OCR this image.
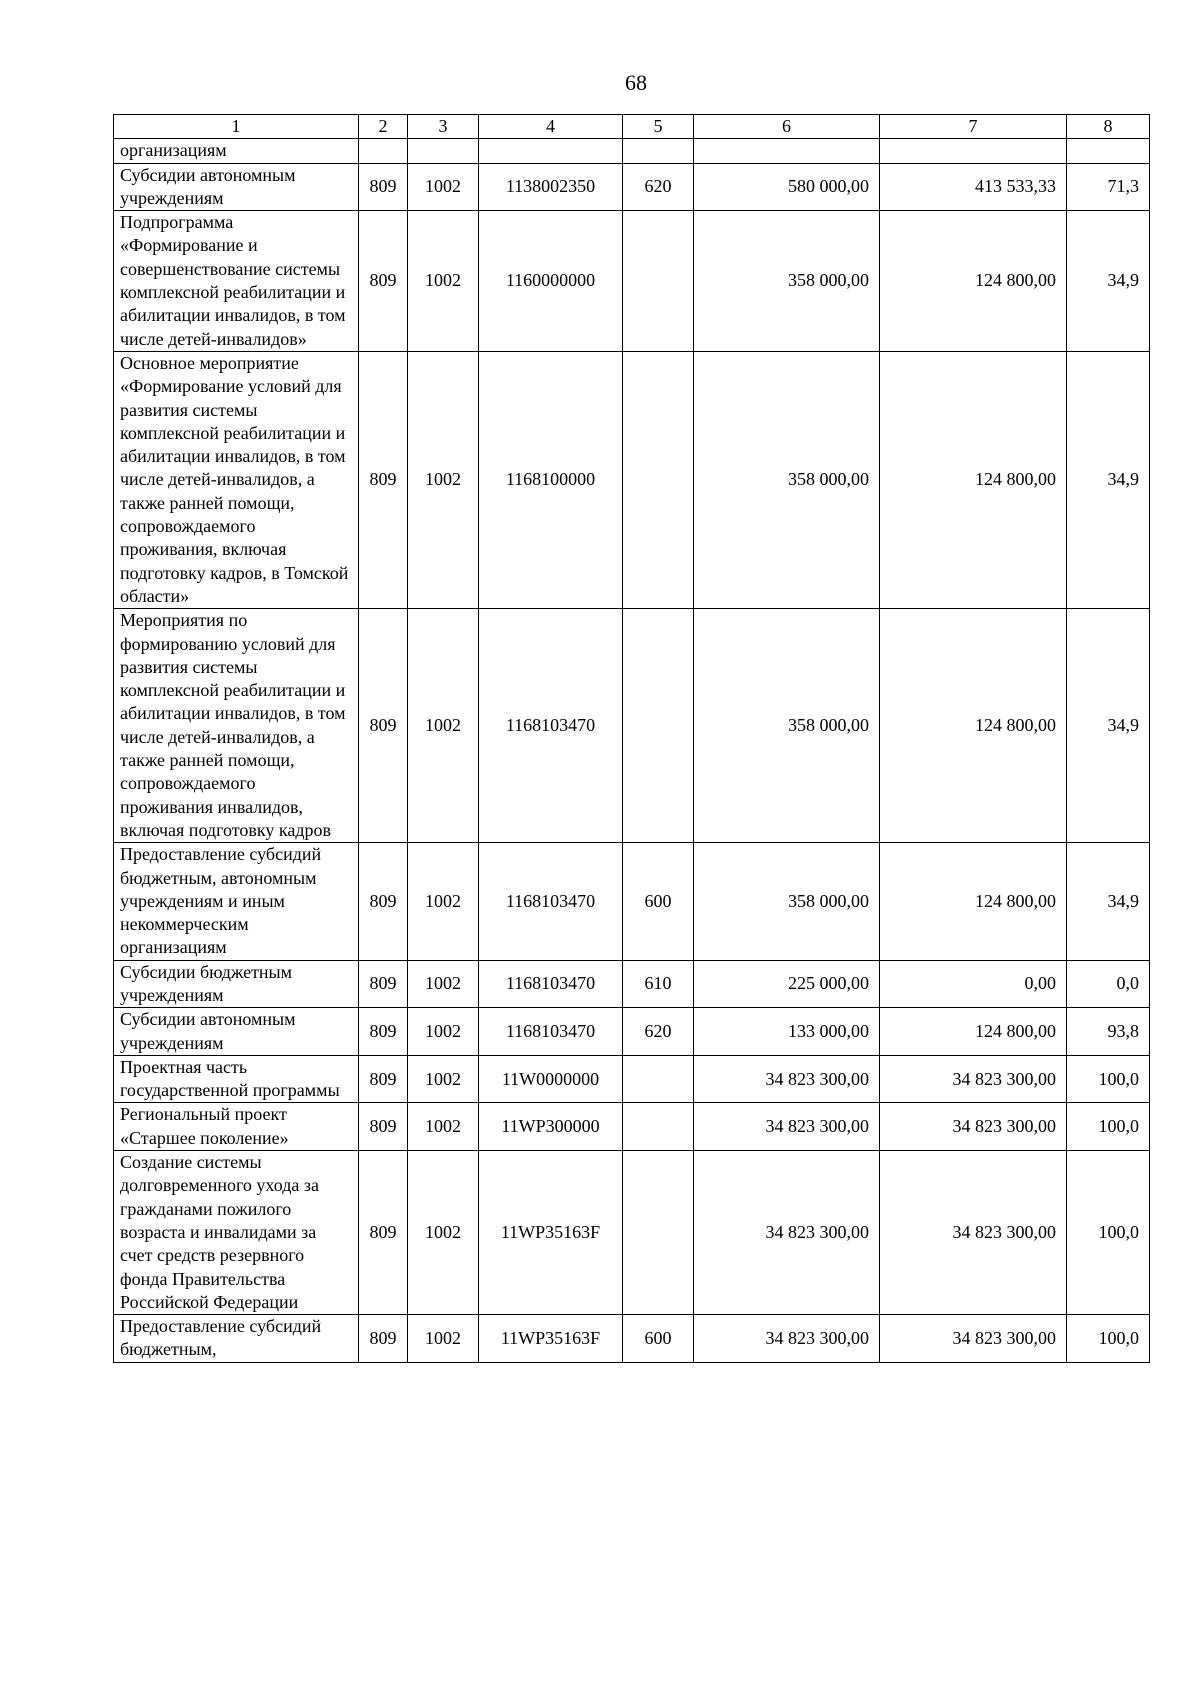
68
1	2	3	4	5	6	7	8
организациям							
Субсидии автономным учреждениям	809	1002	1138002350	620	580 000,00	413 533,33	71,3
Подпрограмма «Формирование и совершенствование системы комплексной реабилитации и абилитации инвалидов, в том числе детей-инвалидов»	809	1002	1160000000		358 000,00	124 800,00	34,9
Основное мероприятие «Формирование условий для развития системы комплексной реабилитации и абилитации инвалидов, в том числе детей-инвалидов, а также ранней помощи, сопровождаемого проживания, включая подготовку кадров, в Томской области»	809	1002	1168100000		358 000,00	124 800,00	34,9
Мероприятия по формированию условий для развития системы комплексной реабилитации и абилитации инвалидов, в том числе детей-инвалидов, а также ранней помощи, сопровождаемого проживания инвалидов, включая подготовку кадров	809	1002	1168103470		358 000,00	124 800,00	34,9
Предоставление субсидий бюджетным, автономным учреждениям и иным некоммерческим организациям	809	1002	1168103470	600	358 000,00	124 800,00	34,9
Субсидии бюджетным учреждениям	809	1002	1168103470	610	225 000,00	0,00	0,0
Субсидии автономным учреждениям	809	1002	1168103470	620	133 000,00	124 800,00	93,8
Проектная часть государственной программы	809	1002	11W0000000		34 823 300,00	34 823 300,00	100,0
Региональный проект «Старшее поколение»	809	1002	11WP300000		34 823 300,00	34 823 300,00	100,0
Создание системы долговременного ухода за гражданами пожилого возраста и инвалидами за счет средств резервного фонда Правительства Российской Федерации	809	1002	11WP35163F		34 823 300,00	34 823 300,00	100,0
Предоставление субсидий бюджетным,	809	1002	11WP35163F	600	34 823 300,00	34 823 300,00	100,0
